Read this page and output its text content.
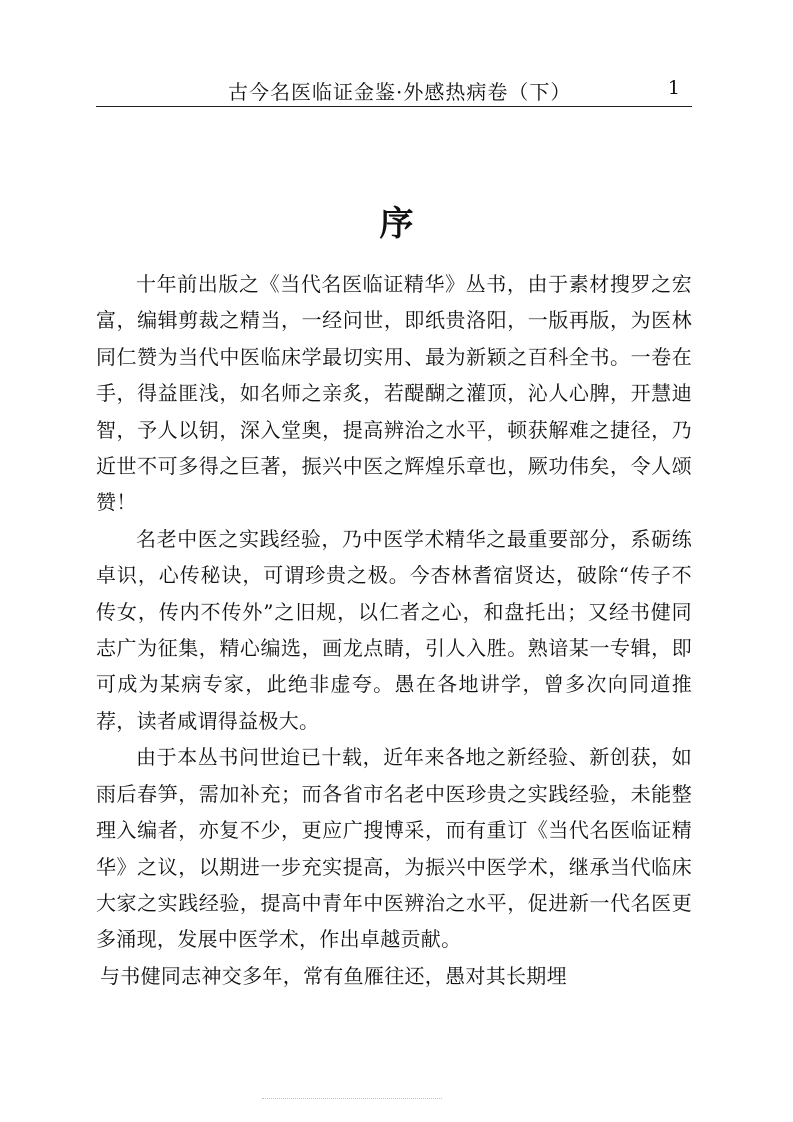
古今名医临证金鉴·外感热病卷（下）	1
序

十年前出版之《当代名医临证精华》丛书，由于素材搜罗之宏富，编辑剪裁之精当，一经问世，即纸贵洛阳，一版再版，为医林同仁赞为当代中医临床学最切实用、最为新颖之百科全书。一卷在手，得益匪浅，如名师之亲炙，若醍醐之灌顶，沁人心脾，开慧迪智，予人以钥，深入堂奥，提高辨治之水平，顿获解难之捷径，乃近世不可多得之巨著，振兴中医之辉煌乐章也，厥功伟矣，令人颂赞！

名老中医之实践经验，乃中医学术精华之最重要部分，系砺练卓识，心传秘诀，可谓珍贵之极。今杏林耆宿贤达，破除“传子不传女，传内不传外”之旧规，以仁者之心，和盘托出；又经书健同志广为征集，精心编选，画龙点睛，引人入胜。熟谙某一专辑，即可成为某病专家，此绝非虚夸。愚在各地讲学，曾多次向同道推荐，读者咸谓得益极大。

由于本丛书问世迨已十载，近年来各地之新经验、新创获，如雨后春笋，需加补充；而各省市名老中医珍贵之实践经验，未能整理入编者，亦复不少，更应广搜博采，而有重订《当代名医临证精华》之议，以期进一步充实提高，为振兴中医学术，继承当代临床大家之实践经验，提高中青年中医辨治之水平，促进新一代名医更多涌现，发展中医学术，作出卓越贡献。

与书健同志神交多年，常有鱼雁往还，愚对其长期埋
